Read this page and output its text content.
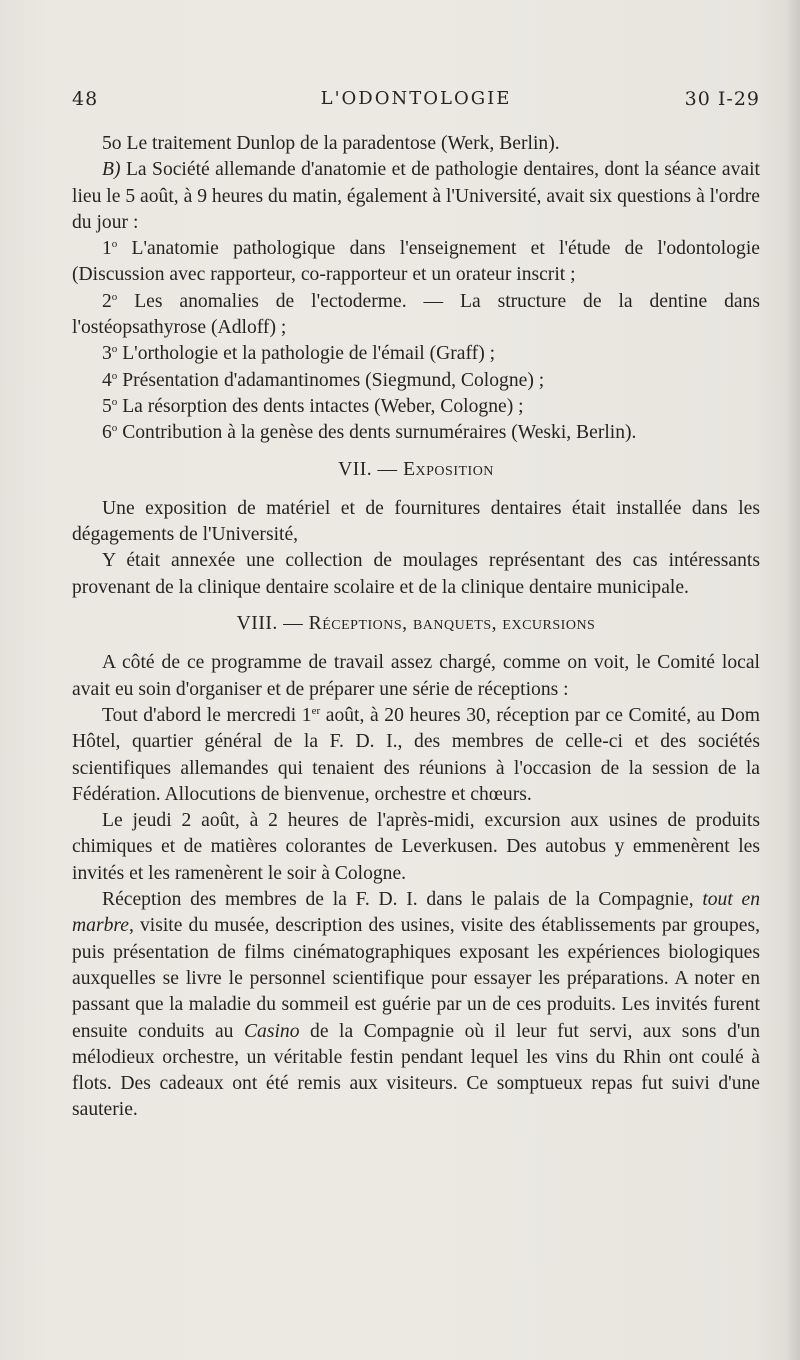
48	L'ODONTOLOGIE	30 I-29

5o Le traitement Dunlop de la paradentose (Werk, Berlin).

B) La Société allemande d'anatomie et de pathologie dentaires, dont la séance avait lieu le 5 août, à 9 heures du matin, également à l'Université, avait six questions à l'ordre du jour :

1$^o$ L'anatomie pathologique dans l'enseignement et l'étude de l'odontologie (Discussion avec rapporteur, co-rapporteur et un orateur inscrit ;

2$^o$ Les anomalies de l'ectoderme. — La structure de la dentine dans l'ostéopsathyrose (Adloff) ;

3$^o$ L'orthologie et la pathologie de l'émail (Graff) ;

4$^o$ Présentation d'adamantinomes (Siegmund, Cologne) ;

5$^o$ La résorption des dents intactes (Weber, Cologne) ;

6$^o$ Contribution à la genèse des dents surnuméraires (Weski, Berlin).

VII. — Exposition

Une exposition de matériel et de fournitures dentaires était installée dans les dégagements de l'Université,

Y était annexée une collection de moulages représentant des cas intéressants provenant de la clinique dentaire scolaire et de la clinique dentaire municipale.

VIII. — Réceptions, banquets, excursions

A côté de ce programme de travail assez chargé, comme on voit, le Comité local avait eu soin d'organiser et de préparer une série de réceptions :

Tout d'abord le mercredi 1er août, à 20 heures 30, réception par ce Comité, au Dom Hôtel, quartier général de la F. D. I., des membres de celle-ci et des sociétés scientifiques allemandes qui tenaient des réunions à l'occasion de la session de la Fédération. Allocutions de bienvenue, orchestre et chœurs.

Le jeudi 2 août, à 2 heures de l'après-midi, excursion aux usines de produits chimiques et de matières colorantes de Leverkusen. Des autobus y emmenèrent les invités et les ramenèrent le soir à Cologne.

Réception des membres de la F. D. I. dans le palais de la Compagnie, tout en marbre, visite du musée, description des usines, visite des établissements par groupes, puis présentation de films cinématographiques exposant les expériences biologiques auxquelles se livre le personnel scientifique pour essayer les préparations. A noter en passant que la maladie du sommeil est guérie par un de ces produits. Les invités furent ensuite conduits au Casino de la Compagnie où il leur fut servi, aux sons d'un mélodieux orchestre, un véritable festin pendant lequel les vins du Rhin ont coulé à flots. Des cadeaux ont été remis aux visiteurs. Ce somptueux repas fut suivi d'une sauterie.
